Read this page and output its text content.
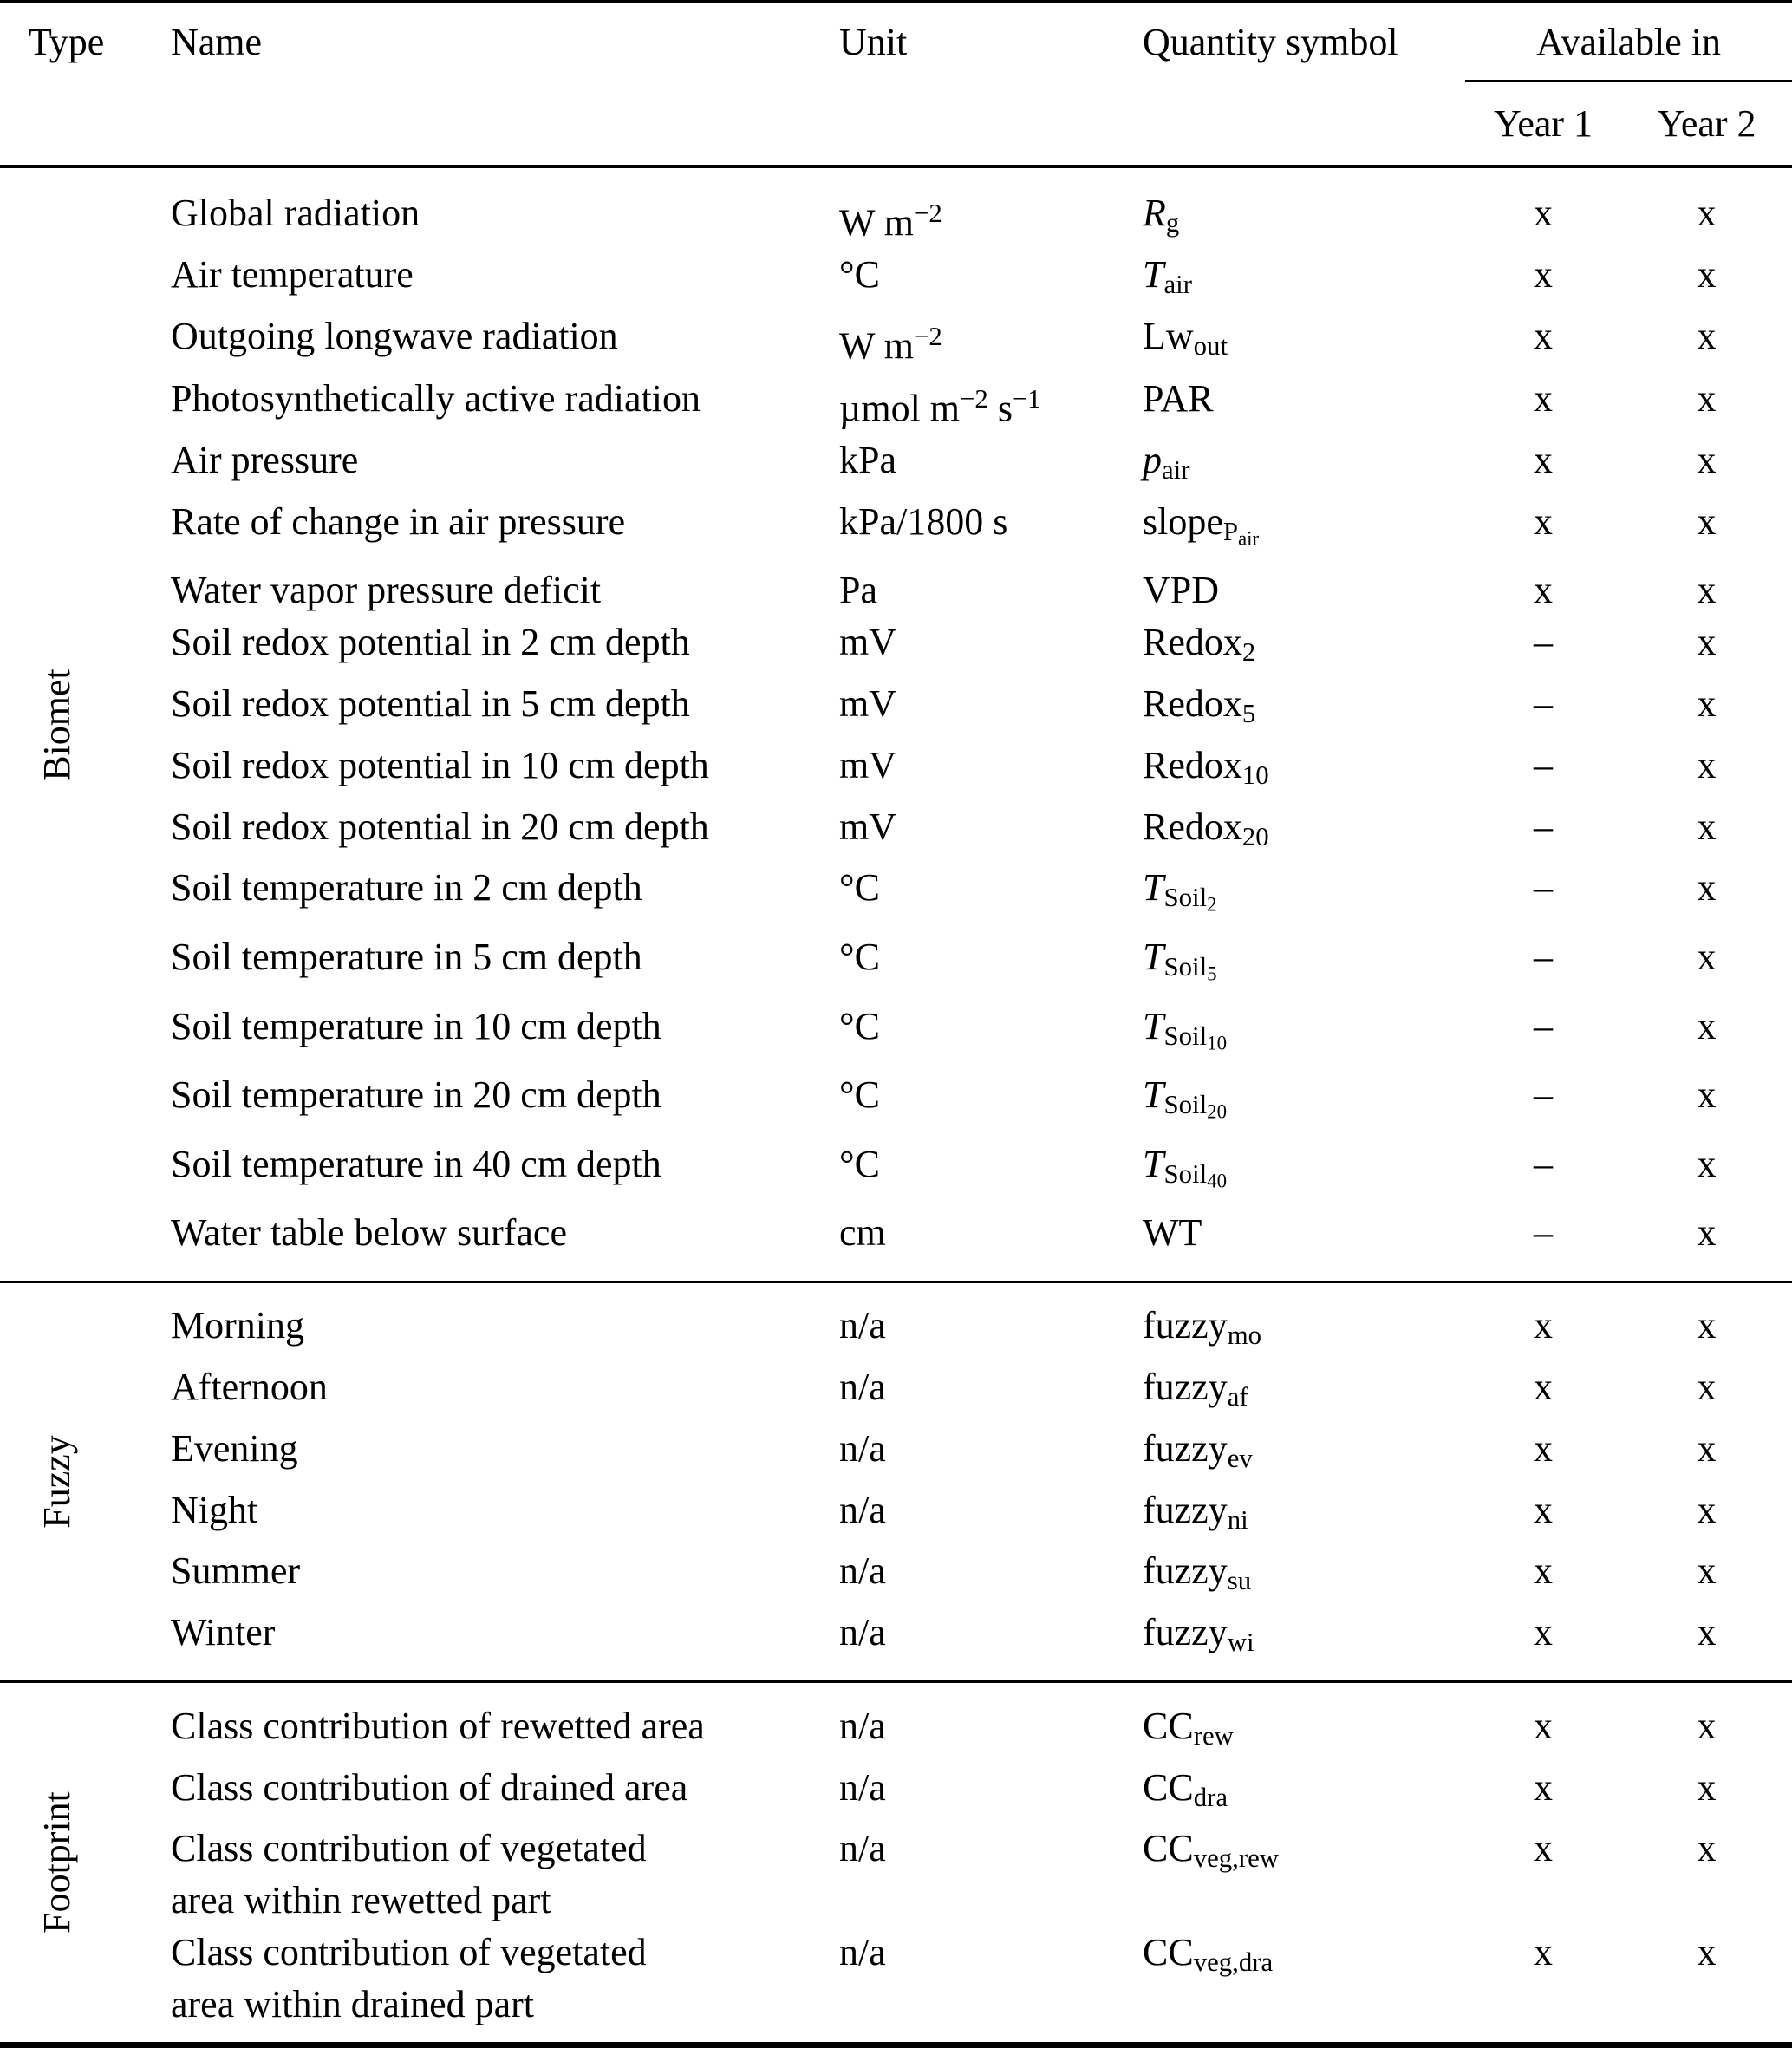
Type	Name	Unit	Quantity symbol	Available in
Year 1	Year 2
Biomet
Global radiation	W $m^{-2}$	Rg	x	x
Air temperature	°C	Tair	x	x
Outgoing longwave radiation	W $m^{-2}$	Lwout	x	x
Photosynthetically active radiation	µmol $m^{-2}$ $s^{-1}$	PAR	x	x
Air pressure	kPa	pair	x	x
Rate of change in air pressure	kPa/1800 s	slopeP$_{air}$	x	x
Water vapor pressure deficit	Pa	VPD	x	x
Soil redox potential in 2 cm depth	mV	Redox2	–	x
Soil redox potential in 5 cm depth	mV	Redox5	–	x
Soil redox potential in 10 cm depth	mV	Redox10	–	x
Soil redox potential in 20 cm depth	mV	Redox20	–	x
Soil temperature in 2 cm depth	°C	TSoil$_2$	–	x
Soil temperature in 5 cm depth	°C	TSoil$_5$	–	x
Soil temperature in 10 cm depth	°C	TSoil$_{10}$	–	x
Soil temperature in 20 cm depth	°C	TSoil$_{20}$	–	x
Soil temperature in 40 cm depth	°C	TSoil$_{40}$	–	x
Water table below surface	cm	WT	–	x
Fuzzy
Morning	n/a	fuzzymo	x	x
Afternoon	n/a	fuzzyaf	x	x
Evening	n/a	fuzzyev	x	x
Night	n/a	fuzzyni	x	x
Summer	n/a	fuzzysu	x	x
Winter	n/a	fuzzywi	x	x
Footprint
Class contribution of rewetted area	n/a	CCrew	x	x
Class contribution of drained area	n/a	CCdra	x	x
Class contribution of vegetated
area within rewetted part
n/a	CCveg,rew	x	x
Class contribution of vegetated
area within drained part
n/a	CCveg,dra	x	x
